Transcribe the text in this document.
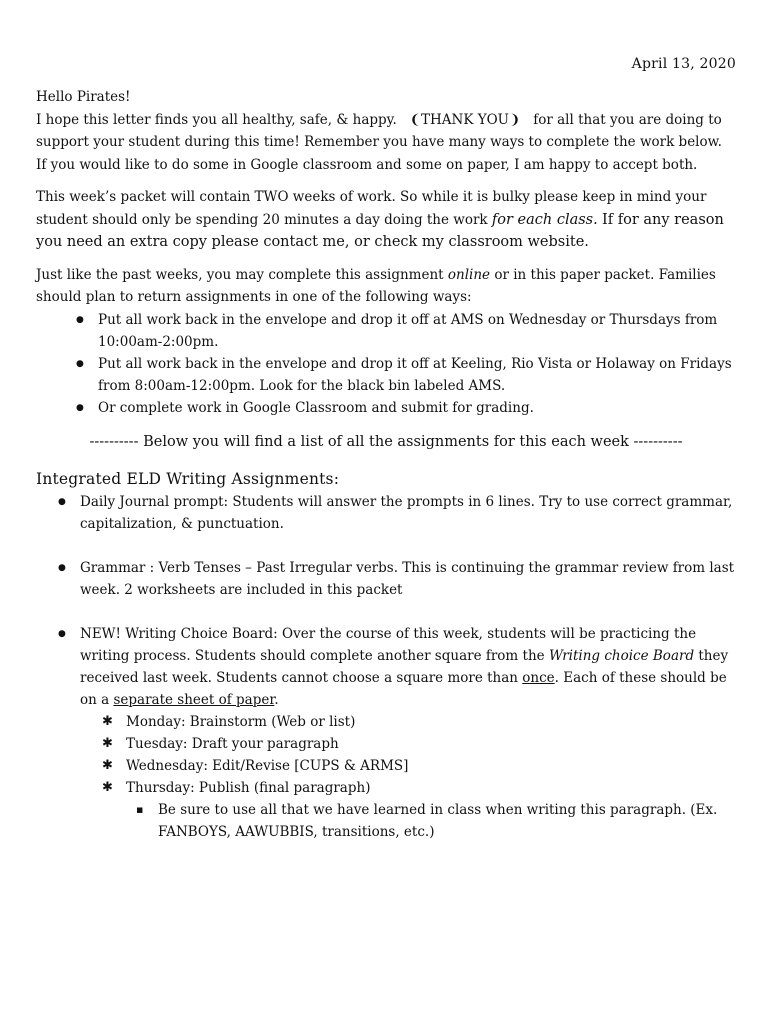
April 13, 2020

Hello Pirates!

I hope this letter finds you all healthy, safe, & happy. ❨THANK YOU❩ for all that you are doing to support your student during this time! Remember you have many ways to complete the work below. If you would like to do some in Google classroom and some on paper, I am happy to accept both.

This week’s packet will contain TWO weeks of work. So while it is bulky please keep in mind your student should only be spending 20 minutes a day doing the work for each class. If for any reason you need an extra copy please contact me, or check my classroom website.

Just like the past weeks, you may complete this assignment online or in this paper packet. Families should plan to return assignments in one of the following ways:

● Put all work back in the envelope and drop it off at AMS on Wednesday or Thursdays from 10:00am-2:00pm.
● Put all work back in the envelope and drop it off at Keeling, Rio Vista or Holaway on Fridays from 8:00am-12:00pm. Look for the black bin labeled AMS.
● Or complete work in Google Classroom and submit for grading.
---------- Below you will find a list of all the assignments for this each week ----------
Integrated ELD Writing Assignments:
● Daily Journal prompt: Students will answer the prompts in 6 lines. Try to use correct grammar, capitalization, & punctuation.
● Grammar : Verb Tenses – Past Irregular verbs. This is continuing the grammar review from last week. 2 worksheets are included in this packet
● NEW! Writing Choice Board: Over the course of this week, students will be practicing the writing process. Students should complete another square from the Writing choice Board they received last week. Students cannot choose a square more than once. Each of these should be on a separate sheet of paper.
✱ Monday: Brainstorm (Web or list)
✱ Tuesday: Draft your paragraph
✱ Wednesday: Edit/Revise [CUPS & ARMS]
✱ Thursday: Publish (final paragraph)
▪ Be sure to use all that we have learned in class when writing this paragraph. (Ex. FANBOYS, AAWUBBIS, transitions, etc.)
